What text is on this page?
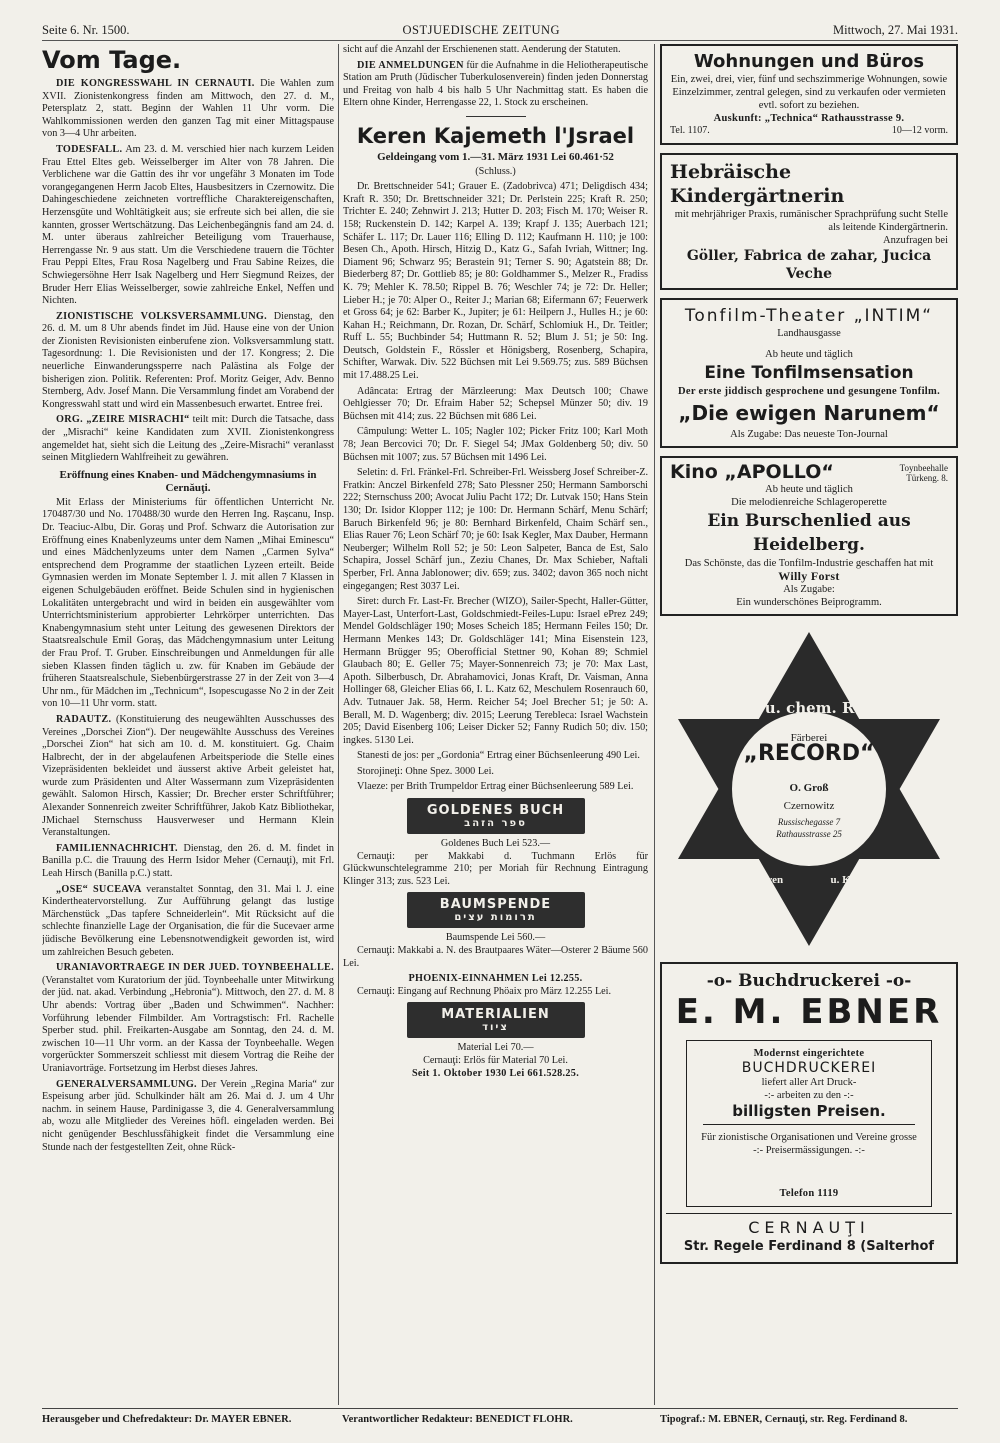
Seite 6. Nr. 1500.	OSTJUEDISCHE ZEITUNG	Mittwoch, 27. Mai 1931.
Vom Tage.

DIE KONGRESSWAHL IN CERNAUTI. Die Wahlen zum XVII. Zionistenkongress finden am Mittwoch, den 27. d. M., Petersplatz 2, statt. Beginn der Wahlen 11 Uhr vorm. Die Wahlkommissionen werden den ganzen Tag mit einer Mittagspause von 3—4 Uhr arbeiten.

TODESFALL. Am 23. d. M. verschied hier nach kurzem Leiden Frau Ettel Eltes geb. Weisselberger im Alter von 78 Jahren. Die Verblichene war die Gattin des ihr vor ungefähr 3 Monaten im Tode vorangegangenen Herrn Jacob Eltes, Hausbesitzers in Czernowitz. Die Dahingeschiedene zeichneten vortreffliche Charaktereigenschaften, Herzensgüte und Wohltätigkeit aus; sie erfreute sich bei allen, die sie kannten, grosser Wertschätzung. Das Leichenbegängnis fand am 24. d. M. unter überaus zahlreicher Beteiligung vom Trauerhause, Herrengasse Nr. 9 aus statt. Um die Verschiedene trauern die Töchter Frau Peppi Eltes, Frau Rosa Nagelberg und Frau Sabine Reizes, die Schwiegersöhne Herr Isak Nagelberg und Herr Siegmund Reizes, der Bruder Herr Elias Weisselberger, sowie zahlreiche Enkel, Neffen und Nichten.

ZIONISTISCHE VOLKSVERSAMMLUNG. Dienstag, den 26. d. M. um 8 Uhr abends findet im Jüd. Hause eine von der Union der Zionisten Revisionisten einberufene zion. Volksversammlung statt. Tagesordnung: 1. Die Revisionisten und der 17. Kongress; 2. Die neuerliche Einwanderungssperre nach Palästina als Folge der bisherigen zion. Politik. Referenten: Prof. Moritz Geiger, Adv. Benno Sternberg, Adv. Josef Mann. Die Versammlung findet am Vorabend der Kongresswahl statt und wird ein Massenbesuch erwartet. Entree frei.

ORG. „ZEIRE MISRACHI“ teilt mit: Durch die Tatsache, dass der „Misrachi“ keine Kandidaten zum XVII. Zionistenkongress angemeldet hat, sieht sich die Leitung des „Zeire-Misrachi“ veranlasst seinen Mitgliedern Wahlfreiheit zu gewähren.

Eröffnung eines Knaben- und Mädchengymnasiums in Cernăuţi.

Mit Erlass der Ministeriums für öffentlichen Unterricht Nr. 170487/30 und No. 170488/30 wurde den Herren Ing. Rașcanu, Insp. Dr. Teaciuc-Albu, Dir. Goraș und Prof. Schwarz die Autorisation zur Eröffnung eines Knabenlyzeums unter dem Namen „Mihai Eminescu“ und eines Mädchenlyzeums unter dem Namen „Carmen Sylva“ entsprechend dem Programme der staatlichen Lyzeen erteilt. Beide Gymnasien werden im Monate September l. J. mit allen 7 Klassen in eigenen Schulgebäuden eröffnet. Beide Schulen sind in hygienischen Lokalitäten untergebracht und wird in beiden ein ausgewählter vom Unterrichtsministerium approbierter Lehrkörper unterrichten. Das Knabengymnasium steht unter Leitung des gewesenen Direktors der Staatsrealschule Emil Goraș, das Mädchengymnasium unter Leitung der Frau Prof. T. Gruber. Einschreibungen und Anmeldungen für alle sieben Klassen finden täglich u. zw. für Knaben im Gebäude der früheren Staatsrealschule, Siebenbürgerstrasse 27 in der Zeit von 3—4 Uhr nm., für Mädchen im „Technicum“, Isopescugasse No 2 in der Zeit von 10—11 Uhr vorm. statt.

RADAUTZ. (Konstituierung des neugewählten Ausschusses des Vereines „Dorschei Zion“). Der neugewählte Ausschuss des Vereines „Dorschei Zion“ hat sich am 10. d. M. konstituiert. Gg. Chaim Halbrecht, der in der abgelaufenen Arbeitsperiode die Stelle eines Vizepräsidenten bekleidet und äusserst aktive Arbeit geleistet hat, wurde zum Präsidenten und Alter Wassermann zum Vizepräsidenten gewählt. Salomon Hirsch, Kassier; Dr. Brecher erster Schriftführer; Alexander Sonnenreich zweiter Schriftführer, Jakob Katz Bibliothekar, JMichael Sternschuss Hausverweser und Hermann Klein Veranstaltungen.

FAMILIENNACHRICHT. Dienstag, den 26. d. M. findet in Banilla p.C. die Trauung des Herrn Isidor Meher (Cernauţi), mit Frl. Leah Hirsch (Banilla p.C.) statt.

„OSE“ SUCEAVA veranstaltet Sonntag, den 31. Mai l. J. eine Kindertheatervorstellung. Zur Aufführung gelangt das lustige Märchenstück „Das tapfere Schneiderlein“. Mit Rücksicht auf die schlechte finanzielle Lage der Organisation, die für die Sucevaer arme jüdische Bevölkerung eine Lebensnotwendigkeit geworden ist, wird um zahlreichen Besuch gebeten.

URANIAVORTRAEGE IN DER JUED. TOYNBEEHALLE. (Veranstaltet vom Kuratorium der jüd. Toynbeehalle unter Mitwirkung der jüd. nat. akad. Verbindung „Hebronia“). Mittwoch, den 27. d. M. 8 Uhr abends: Vortrag über „Baden und Schwimmen“. Nachher: Vorführung lebender Filmbilder. Am Vortragstisch: Frl. Rachelle Sperber stud. phil. Freikarten-Ausgabe am Sonntag, den 24. d. M. zwischen 10—11 Uhr vorm. an der Kassa der Toynbeehalle. Wegen vorgerückter Sommerszeit schliesst mit diesem Vortrag die Reihe der Uraniavorträge. Fortsetzung im Herbst dieses Jahres.

GENERALVERSAMMLUNG. Der Verein „Regina Maria“ zur Espeisung arber jüd. Schulkinder hält am 26. Mai d. J. um 4 Uhr nachm. in seinem Hause, Pardinigasse 3, die 4. Generalversammlung ab, wozu alle Mitglieder des Vereines höfl. eingeladen werden. Bei nicht genügender Beschlussfähigkeit findet die Versammlung eine Stunde nach der festgestellten Zeit, ohne Rück-

sicht auf die Anzahl der Erschienenen statt. Aenderung der Statuten.

DIE ANMELDUNGEN für die Aufnahme in die Heliotherapeutische Station am Pruth (Jüdischer Tuberkulosenverein) finden jeden Donnerstag und Freitag von halb 4 bis halb 5 Uhr Nachmittag statt. Es haben die Eltern ohne Kinder, Herrengasse 22, 1. Stock zu erscheinen.

Keren Kajemeth l'Jsrael
Geldeingang vom 1.—31. März 1931 Lei 60.461·52
(Schluss.)

Dr. Brettschneider 541; Grauer E. (Zadobrivca) 471; Deligdisch 434; Kraft R. 350; Dr. Brettschneider 321; Dr. Perlstein 225; Kraft R. 250; Trichter E. 240; Zehnwirt J. 213; Hutter D. 203; Fisch M. 170; Weiser R. 158; Ruckenstein D. 142; Karpel A. 139; Krapf J. 135; Auerbach 121; Schäfer L. 117; Dr. Lauer 116; Elling D. 112; Kaufmann H. 110; je 100: Besen Ch., Apoth. Hirsch, Hitzig D., Katz G., Safah Ivriah, Wittner; Ing. Diament 96; Schwarz 95; Berastein 91; Terner S. 90; Agatstein 88; Dr. Biederberg 87; Dr. Gottlieb 85; je 80: Goldhammer S., Melzer R., Fradiss K. 79; Mehler K. 78.50; Rippel B. 76; Weschler 74; je 72: Dr. Heller; Lieber H.; je 70: Alper O., Reiter J.; Marian 68; Eifermann 67; Feuerwerk et Gross 64; je 62: Barber K., Jupiter; je 61: Heilpern J., Hulles H.; je 60: Kahan H.; Reichmann, Dr. Rozan, Dr. Schärf, Schlomiuk H., Dr. Teitler; Ruff L. 55; Buchbinder 54; Huttmann R. 52; Blum J. 51; je 50: Ing. Deutsch, Goldstein F., Rössler et Hönigsberg, Rosenberg, Schapira, Schifter, Warwak. Div. 522 Büchsen mit Lei 9.569.75; zus. 589 Büchsen mit 17.488.25 Lei.

Adâncata: Ertrag der Märzleerung: Max Deutsch 100; Chawe Oehlgiesser 70; Dr. Efraim Haber 52; Schepsel Münzer 50; div. 19 Büchsen mit 414; zus. 22 Büchsen mit 686 Lei.

Câmpulung: Wetter L. 105; Nagler 102; Picker Fritz 100; Karl Moth 78; Jean Bercovici 70; Dr. F. Siegel 54; JMax Goldenberg 50; div. 50 Büchsen mit 1007; zus. 57 Büchsen mit 1496 Lei.

Seletin: d. Frl. Fränkel-Frl. Schreiber-Frl. Weissberg Josef Schreiber-Z. Fratkin: Anczel Birkenfeld 278; Sato Plessner 250; Hermann Samborschi 222; Sternschuss 200; Avocat Juliu Pacht 172; Dr. Lutvak 150; Hans Stein 130; Dr. Isidor Klopper 112; je 100: Dr. Hermann Schärf, Menu Schärf; Baruch Birkenfeld 96; je 80: Bernhard Birkenfeld, Chaim Schärf sen., Elias Rauer 76; Leon Schärf 70; je 60: Isak Kegler, Max Dauber, Hermann Neuberger; Wilhelm Roll 52; je 50: Leon Salpeter, Banca de Est, Salo Schapira, Jossel Schärf jun., Zeziu Chanes, Dr. Max Schieber, Naftali Sperber, Frl. Anna Jablonower; div. 659; zus. 3402; davon 365 noch nicht eingegangen; Rest 3037 Lei.

Siret: durch Fr. Last-Fr. Brecher (WIZO), Sailer-Specht, Haller-Gütter, Mayer-Last, Unterfort-Last, Goldschmiedt-Feiles-Lupu: Israel ePrez 249; Mendel Goldschläger 190; Moses Scheich 185; Hermann Feiles 150; Dr. Hermann Menkes 143; Dr. Goldschläger 141; Mina Eisenstein 123, Hermann Brügger 95; Oberofficial Stettner 90, Kohan 89; Schmiel Glaubach 80; E. Geller 75; Mayer-Sonnenreich 73; je 70: Max Last, Apoth. Silberbusch, Dr. Abrahamovici, Jonas Kraft, Dr. Vaisman, Anna Hollinger 68, Gleicher Elias 66, I. L. Katz 62, Meschulem Rosenrauch 60, Adv. Tutnauer Jak. 58, Herm. Reicher 54; Joel Brecher 51; je 50: A. Berall, M. D. Wagenberg; div. 2015; Leerung Terebleca: Israel Wachstein 205; David Eisenberg 106; Leiser Dicker 52; Fanny Rudich 50; div. 150; ingkes. 5130 Lei.

Stanesti de jos: per „Gordonia“ Ertrag einer Büchsenleerung 490 Lei.

Storojineţi: Ohne Spez. 3000 Lei.

Vlaeze: per Brith Trumpeldor Ertrag einer Büchsenleerung 589 Lei.

GOLDENES BUCH
ספר הזהב
Goldenes Buch Lei 523.—

Cernauţi: per Makkabi d. Tuchmann Erlös für Glückwunschtelegramme 210; per Moriah für Rechnung Eintragung Klinger 313; zus. 523 Lei.

BAUMSPENDE
תרומות עצים
Baumspende Lei 560.—

Cernauţi: Makkabi a. N. des Brautpaares Wäter—Osterer 2 Bäume 560 Lei.

PHOENIX-EINNAHMEN Lei 12.255.

Cernauţi: Eingang auf Rechnung Phöaix pro März 12.255 Lei.

MATERIALIEN
ציוד
Material Lei 70.—
Cernauţi: Erlös für Material 70 Lei.
Seit 1. Oktober 1930 Lei 661.528.25.
Wohnungen und Büros
Ein, zwei, drei, vier, fünf und sechszimmerige Wohnungen, sowie Einzelzimmer, zentral gelegen, sind zu verkaufen oder vermieten evtl. sofort zu beziehen.
Auskunft: „Technica“ Rathausstrasse 9.
Tel. 1107.	10—12 vorm.
Hebräische Kindergärtnerin
mit mehrjähriger Praxis, rumänischer Sprachprüfung sucht Stelle als leitende Kindergärtnerin.
Anzufragen bei
Göller, Fabrica de zahar, Jucica Veche
Tonfilm-Theater „INTIM“
Landhausgasse
Ab heute und täglich
Eine Tonfilmsensation
Der erste jiddisch gesprochene und gesungene Tonfilm.
„Die ewigen Narunem“
Als Zugabe: Das neueste Ton-Journal
Kino „APOLLO“	Toynbeehalle
Türkeng. 8.
Ab heute und täglich
Die melodienreiche Schlageroperette
Ein Burschenlied aus Heidelberg.
Das Schönste, das die Tonfilm-Industrie geschaffen hat mit
Willy Forst
Als Zugabe:
Ein wunderschönes Beiprogramm.
Färberei u. chem. Reinigung
von Damen,Herren	u. Kinder Garderobe
Färberei
„RECORD“
O. Groß
Czernowitz
Russischegasse 7
Rathausstrasse 25
-o- Buchdruckerei -o-
E. M. EBNER
Modernst eingerichtete
BUCHDRUCKEREI
liefert aller Art Druck-
-:- arbeiten zu den -:-
billigsten Preisen.
Für zionistische Organisationen und Vereine grosse
-:- Preisermässigungen. -:-
Telefon 1119
CERNAUŢI
Str. Regele Ferdinand 8 (Salterhof
Herausgeber und Chefredakteur: Dr. MAYER EBNER.	Verantwortlicher Redakteur: BENEDICT FLOHR.	Tipograf.: M. EBNER, Cernauţi, str. Reg. Ferdinand 8.
